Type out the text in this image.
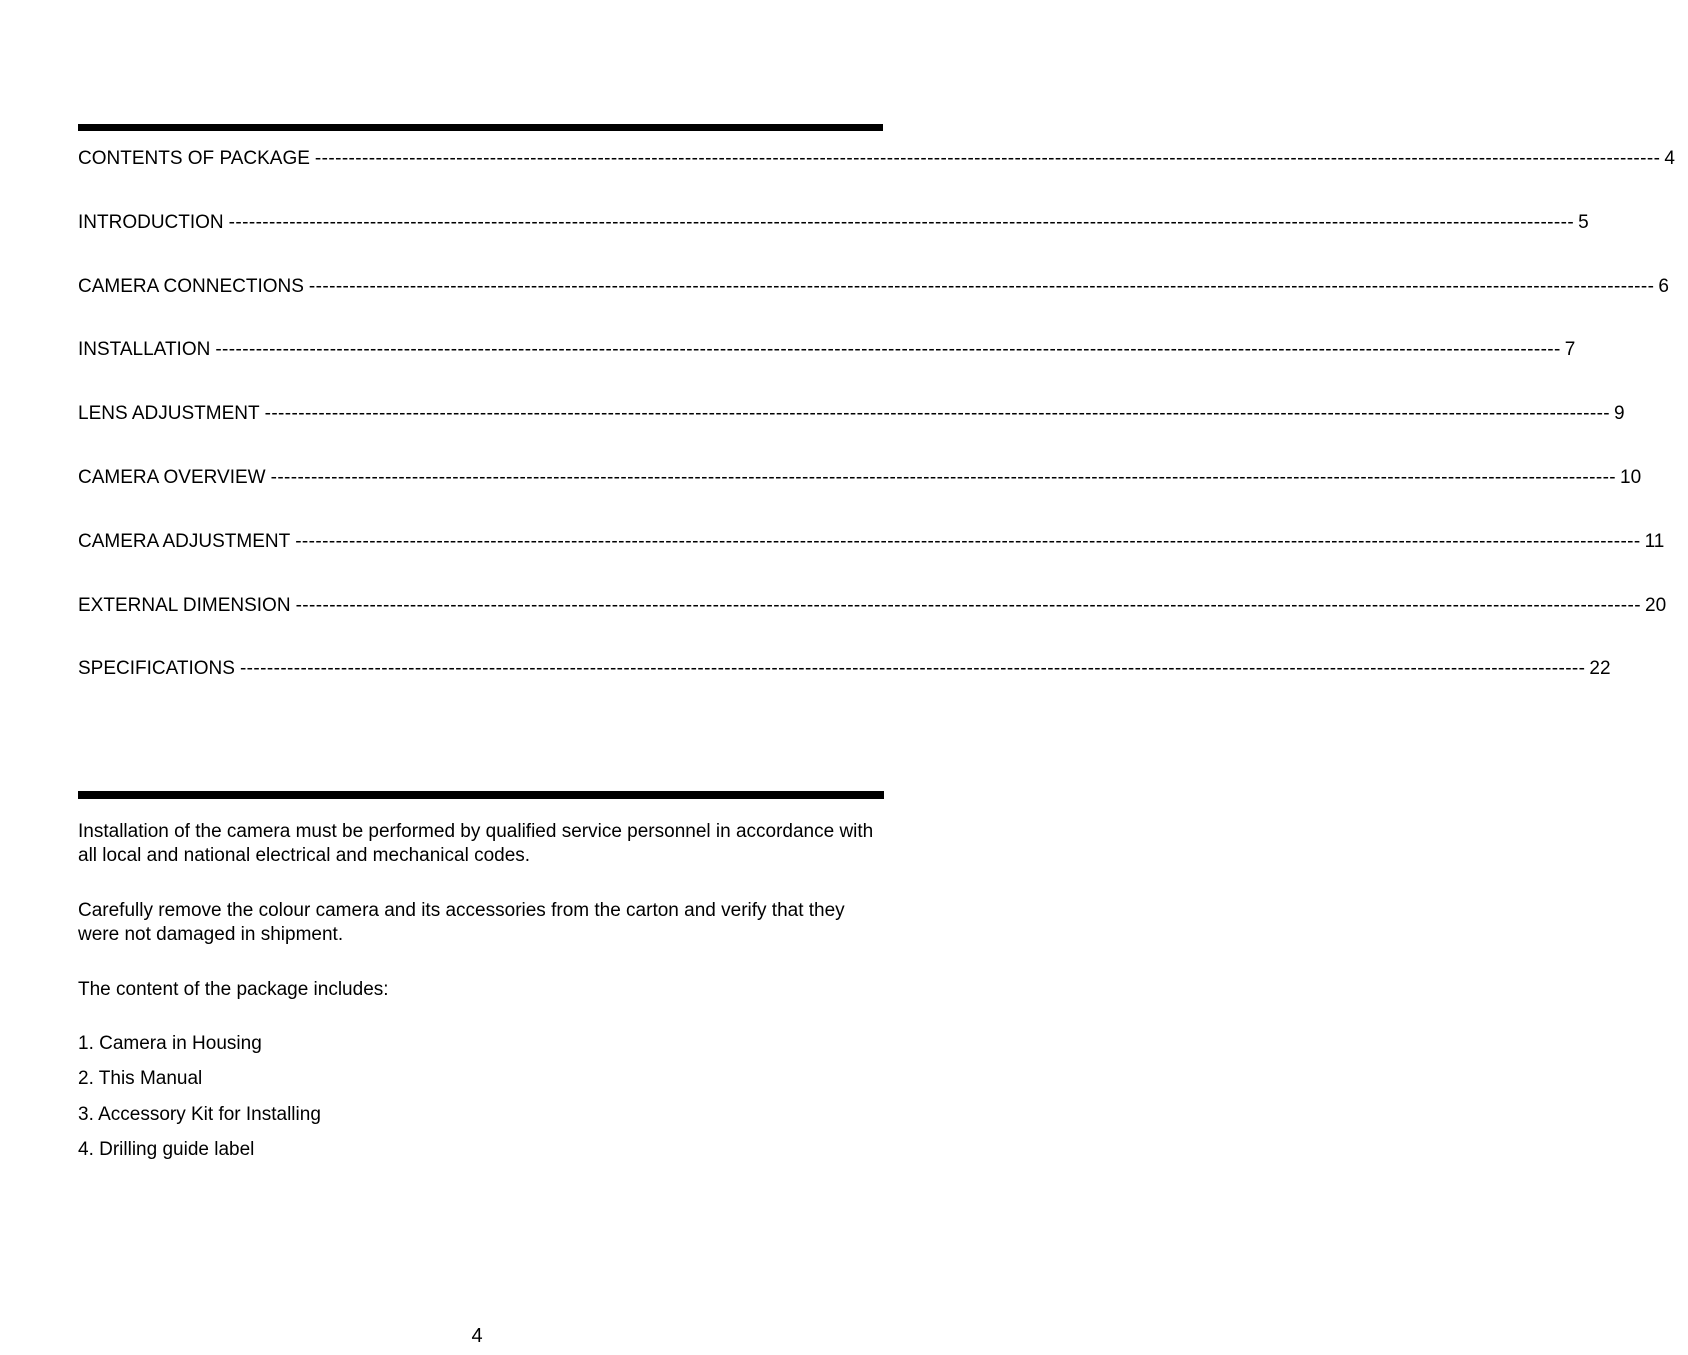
CONTENTS OF PACKAGE -------------------------------------------------------------------------------------------------------------------------------------------------------------------------------------------------------- 4
INTRODUCTION -------------------------------------------------------------------------------------------------------------------------------------------------------------------------------------------------------- 5
CAMERA CONNECTIONS -------------------------------------------------------------------------------------------------------------------------------------------------------------------------------------------------------- 6
INSTALLATION -------------------------------------------------------------------------------------------------------------------------------------------------------------------------------------------------------- 7
LENS ADJUSTMENT -------------------------------------------------------------------------------------------------------------------------------------------------------------------------------------------------------- 9
CAMERA OVERVIEW -------------------------------------------------------------------------------------------------------------------------------------------------------------------------------------------------------- 10
CAMERA ADJUSTMENT -------------------------------------------------------------------------------------------------------------------------------------------------------------------------------------------------------- 11
EXTERNAL DIMENSION -------------------------------------------------------------------------------------------------------------------------------------------------------------------------------------------------------- 20
SPECIFICATIONS -------------------------------------------------------------------------------------------------------------------------------------------------------------------------------------------------------- 22

Installation of the camera must be performed by qualified service personnel in accordance with all local and national electrical and mechanical codes.

Carefully remove the colour camera and its accessories from the carton and verify that they were not damaged in shipment.

The content of the package includes:

1. Camera in Housing
2. This Manual
3. Accessory Kit for Installing
4. Drilling guide label
4
